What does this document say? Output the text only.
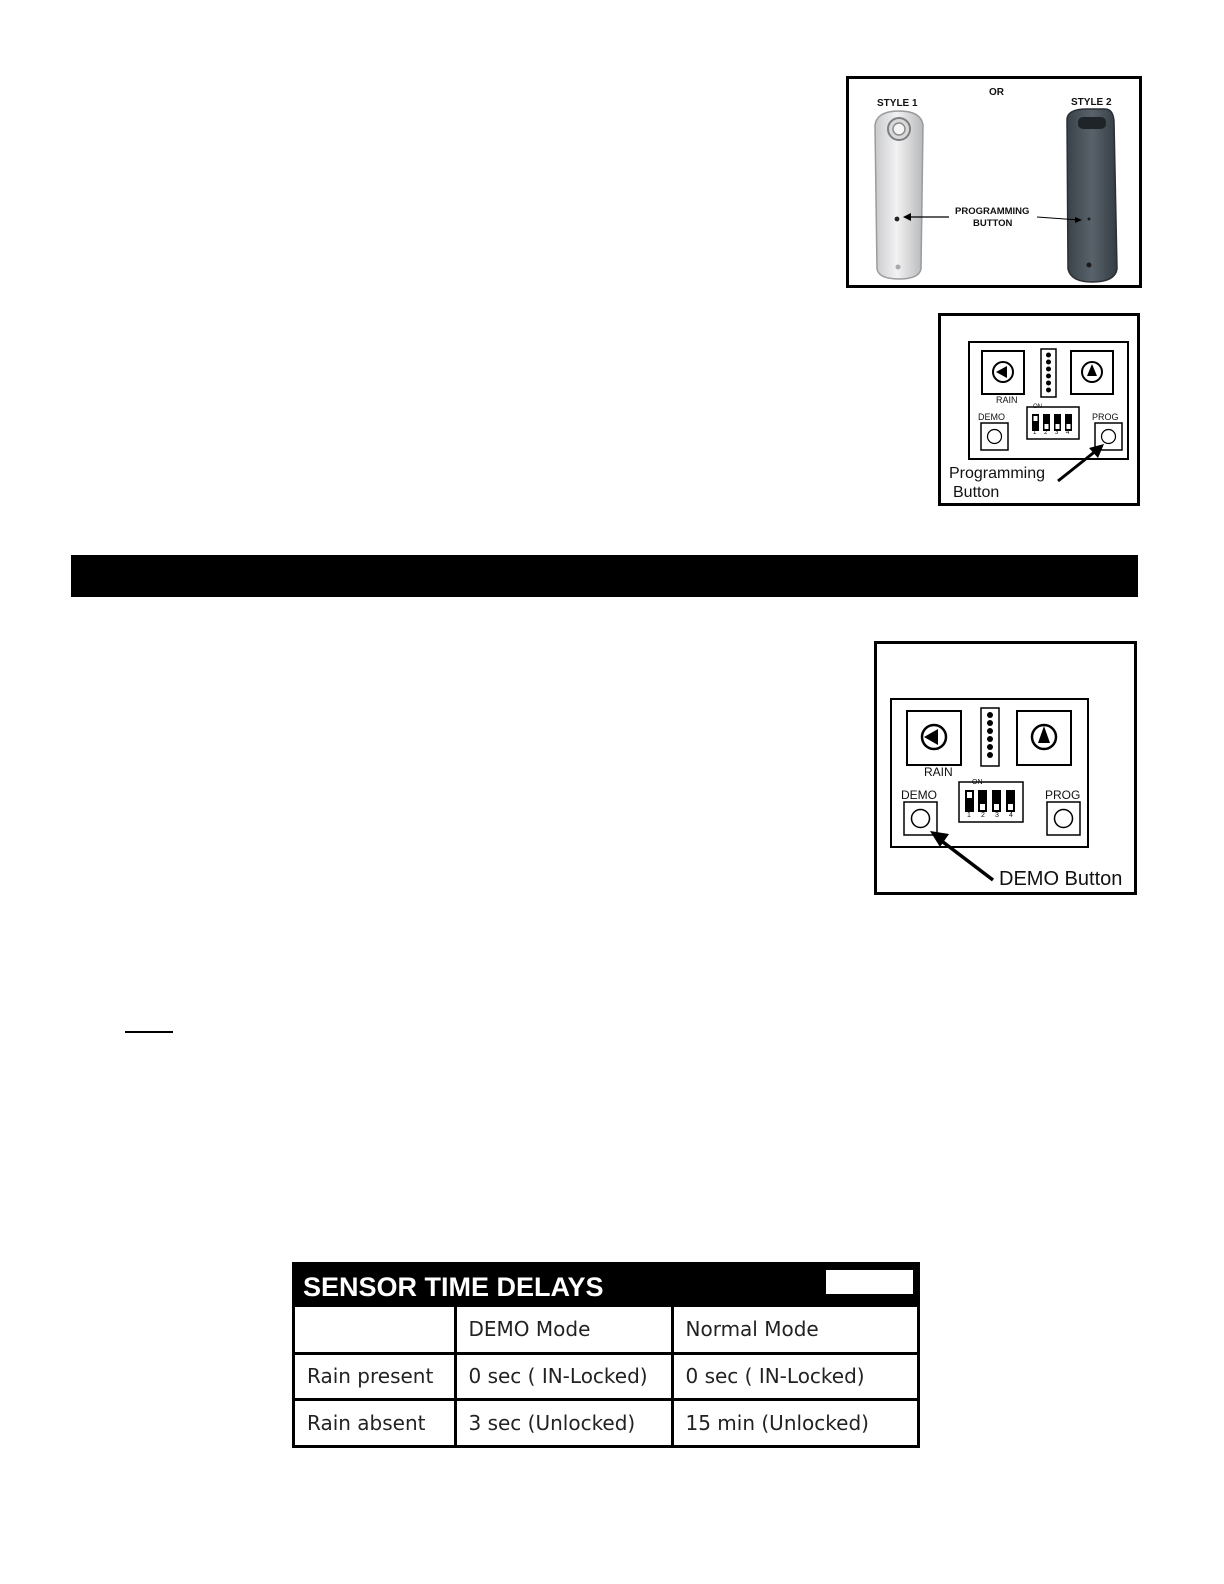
OR
STYLE 1	STYLE 2
PROGRAMMING
BUTTON
RAIN
DEMO	PROG
ON
1 2 3 4
Programming
Button
RAIN
DEMO	PROG
ON
1 2 3 4
DEMO Button
SENSOR TIME DELAYS
	DEMO Mode	Normal Mode
Rain present	0 sec ( IN-Locked)	0 sec ( IN-Locked)
Rain absent	3 sec (Unlocked)	15 min (Unlocked)
